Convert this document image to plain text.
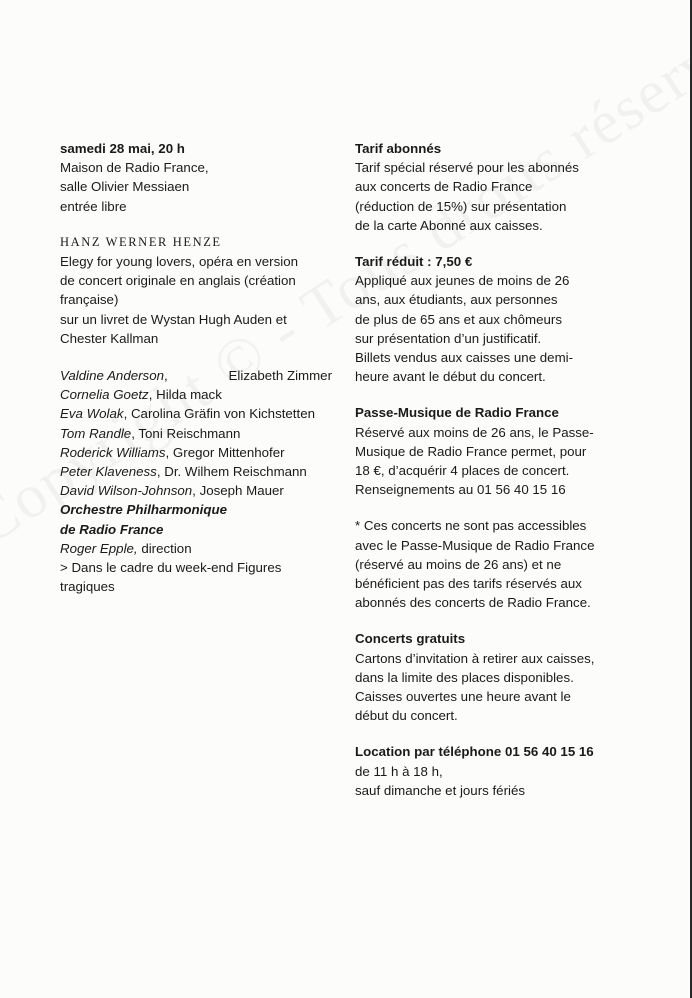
samedi 28 mai, 20 h
Maison de Radio France,
salle Olivier Messiaen
entrée libre
HANZ WERNER HENZE
Elegy for young lovers, opéra en version
de concert originale en anglais (création
française)
sur un livret de Wystan Hugh Auden et
Chester Kallman
Valdine Anderson,	Elizabeth Zimmer
Cornelia Goetz, Hilda mack
Eva Wolak, Carolina Gräfin von Kichstetten
Tom Randle, Toni Reischmann
Roderick Williams, Gregor Mittenhofer
Peter Klaveness, Dr. Wilhem Reischmann
David Wilson-Johnson, Joseph Mauer
Orchestre Philharmonique
de Radio France
Roger Epple, direction
> Dans le cadre du week-end Figures
tragiques
Tarif abonnés
Tarif spécial réservé pour les abonnés
aux concerts de Radio France
(réduction de 15%) sur présentation
de la carte Abonné aux caisses.
Tarif réduit : 7,50 €
Appliqué aux jeunes de moins de 26
ans, aux étudiants, aux personnes
de plus de 65 ans et aux chômeurs
sur présentation d’un justificatif.
Billets vendus aux caisses une demi-
heure avant le début du concert.
Passe-Musique de Radio France
Réservé aux moins de 26 ans, le Passe-
Musique de Radio France permet, pour
18 €, d’acquérir 4 places de concert.
Renseignements au 01 56 40 15 16
* Ces concerts ne sont pas accessibles
avec le Passe-Musique de Radio France
(réservé au moins de 26 ans) et ne
bénéficient pas des tarifs réservés aux
abonnés des concerts de Radio France.
Concerts gratuits
Cartons d’invitation à retirer aux caisses,
dans la limite des places disponibles.
Caisses ouvertes une heure avant le
début du concert.
Location par téléphone 01 56 40 15 16
de 11 h à 18 h,
sauf dimanche et jours fériés
